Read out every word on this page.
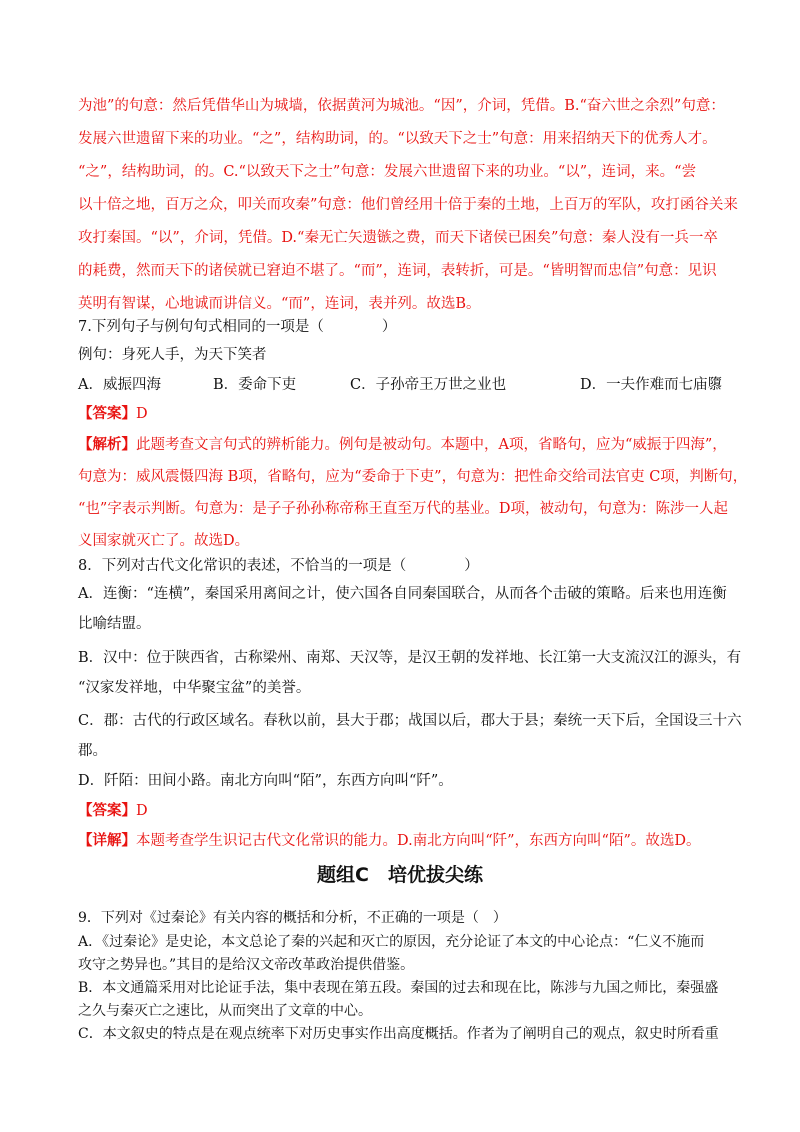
为池”的句意：然后凭借华山为城墙，依据黄河为城池。“因”，介词，凭借。B.“奋六世之余烈”句意：
发展六世遗留下来的功业。“之”，结构助词，的。“以致天下之士”句意：用来招纳天下的优秀人才。
“之”，结构助词，的。C.“以致天下之士”句意：发展六世遗留下来的功业。“以”，连词，来。“尝
以十倍之地，百万之众，叩关而攻秦”句意：他们曾经用十倍于秦的土地，上百万的军队，攻打函谷关来
攻打秦国。“以”，介词，凭借。D.“秦无亡矢遗镞之费，而天下诸侯已困矣”句意：秦人没有一兵一卒
的耗费，然而天下的诸侯就已窘迫不堪了。“而”，连词，表转折，可是。“皆明智而忠信”句意：见识
英明有智谋，心地诚而讲信义。“而”，连词，表并列。故选B。
7.下列句子与例句句式相同的一项是（　　　　）
例句：身死人手，为天下笑者
A．威振四海	B．委命下吏	C．子孙帝王万世之业也	D．一夫作难而七庙隳
【答案】D
【解析】此题考查文言句式的辨析能力。例句是被动句。本题中，A项，省略句，应为“威振于四海”，
句意为：威风震慑四海 B项，省略句，应为“委命于下吏”，句意为：把性命交给司法官吏 C项，判断句，
“也”字表示判断。句意为：是子子孙孙称帝称王直至万代的基业。D项，被动句，句意为：陈涉一人起
义国家就灭亡了。故选D。
8．下列对古代文化常识的表述，不恰当的一项是（　　　　）
A．连衡：“连横”，秦国采用离间之计，使六国各自同秦国联合，从而各个击破的策略。后来也用连衡
比喻结盟。
B．汉中：位于陕西省，古称梁州、南郑、天汉等，是汉王朝的发祥地、长江第一大支流汉江的源头，有
“汉家发祥地，中华聚宝盆”的美誉。
C．郡：古代的行政区域名。春秋以前，县大于郡；战国以后，郡大于县；秦统一天下后，全国设三十六
郡。
D．阡陌：田间小路。南北方向叫“陌”，东西方向叫“阡”。
【答案】D
【详解】本题考查学生识记古代文化常识的能力。D.南北方向叫“阡”，东西方向叫“陌”。故选D。
题组C　培优拔尖练
9．下列对《过秦论》有关内容的概括和分析，不正确的一项是（　）
A．《过秦论》是史论，本文总论了秦的兴起和灭亡的原因，充分论证了本文的中心论点：“仁义不施而
攻守之势异也。”其目的是给汉文帝改革政治提供借鉴。
B．本文通篇采用对比论证手法，集中表现在第五段。秦国的过去和现在比，陈涉与九国之师比，秦强盛
之久与秦灭亡之速比，从而突出了文章的中心。
C．本文叙史的特点是在观点统率下对历史事实作出高度概括。作者为了阐明自己的观点，叙史时所看重
